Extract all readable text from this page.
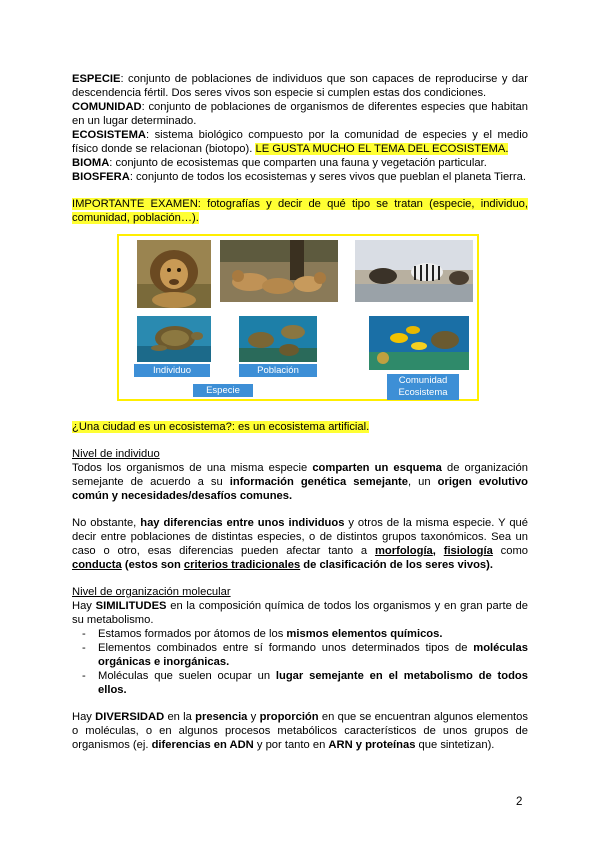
ESPECIE: conjunto de poblaciones de individuos que son capaces de reproducirse y dar descendencia fértil. Dos seres vivos son especie si cumplen estas dos condiciones.

COMUNIDAD: conjunto de poblaciones de organismos de diferentes especies que habitan en un lugar determinado.

ECOSISTEMA: sistema biológico compuesto por la comunidad de especies y el medio físico donde se relacionan (biotopo). LE GUSTA MUCHO EL TEMA DEL ECOSISTEMA.

BIOMA: conjunto de ecosistemas que comparten una fauna y vegetación particular.

BIOSFERA: conjunto de todos los ecosistemas y seres vivos que pueblan el planeta Tierra.

IMPORTANTE EXAMEN: fotografías y decir de qué tipo se tratan (especie, individuo, comunidad, población…).

Individuo	Población
Especie
Comunidad
Ecosistema

¿Una ciudad es un ecosistema?: es un ecosistema artificial.

Nivel de individuo

Todos los organismos de una misma especie comparten un esquema de organización semejante de acuerdo a su información genética semejante, un origen evolutivo común y necesidades/desafíos comunes.

No obstante, hay diferencias entre unos individuos y otros de la misma especie. Y qué decir entre poblaciones de distintas especies, o de distintos grupos taxonómicos. Sea un caso o otro, esas diferencias pueden afectar tanto a morfología, fisiología como conducta (estos son criterios tradicionales de clasificación de los seres vivos).

Nivel de organización molecular

Hay SIMILITUDES en la composición química de todos los organismos y en gran parte de su metabolismo.

- Estamos formados por átomos de los mismos elementos químicos.
- Elementos combinados entre sí formando unos determinados tipos de moléculas orgánicas e inorgánicas.
- Moléculas que suelen ocupar un lugar semejante en el metabolismo de todos ellos.

Hay DIVERSIDAD en la presencia y proporción en que se encuentran algunos elementos o moléculas, o en algunos procesos metabólicos característicos de unos grupos de organismos (ej. diferencias en ADN y por tanto en ARN y proteínas que sintetizan).

2
